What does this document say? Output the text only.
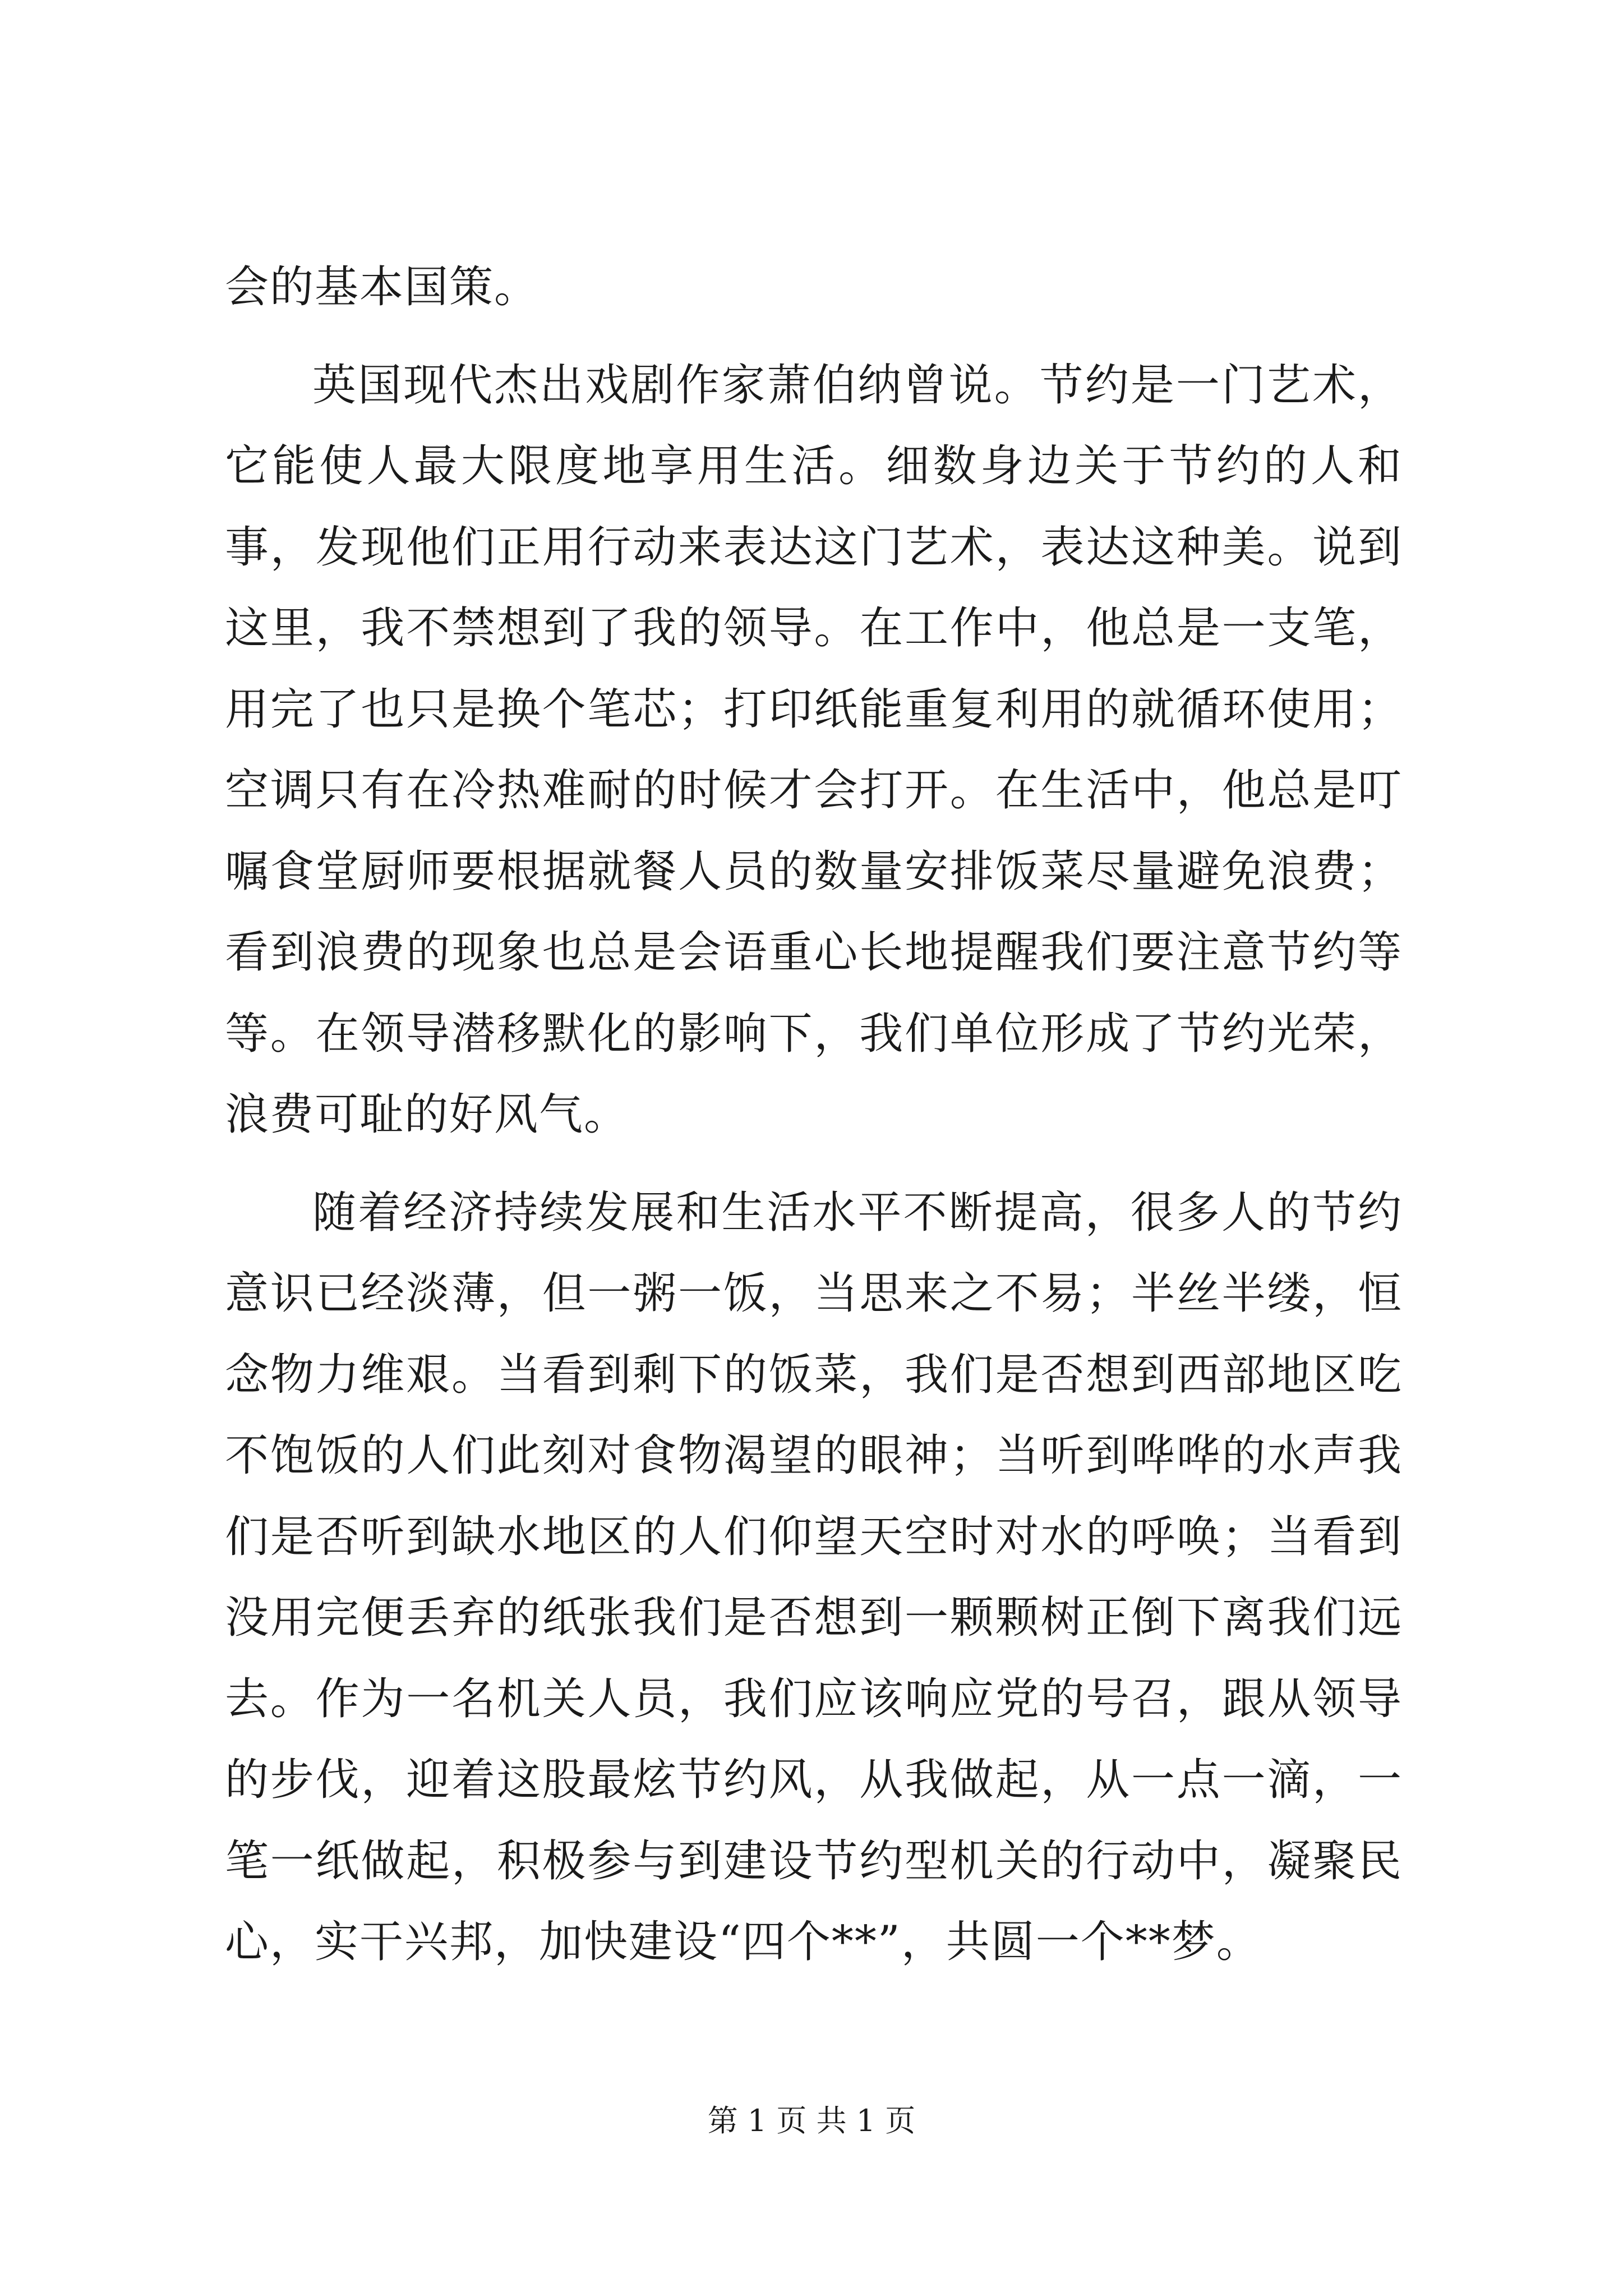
会的基本国策。

英国现代杰出戏剧作家萧伯纳曾说。节约是一门艺术，它能使人最大限度地享用生活。细数身边关于节约的人和事，发现他们正用行动来表达这门艺术，表达这种美。说到这里，我不禁想到了我的领导。在工作中，他总是一支笔，用完了也只是换个笔芯；打印纸能重复利用的就循环使用；空调只有在冷热难耐的时候才会打开。在生活中，他总是叮嘱食堂厨师要根据就餐人员的数量安排饭菜尽量避免浪费；看到浪费的现象也总是会语重心长地提醒我们要注意节约等等。在领导潜移默化的影响下，我们单位形成了节约光荣，浪费可耻的好风气。

随着经济持续发展和生活水平不断提高，很多人的节约意识已经淡薄，但一粥一饭，当思来之不易；半丝半缕，恒念物力维艰。当看到剩下的饭菜，我们是否想到西部地区吃不饱饭的人们此刻对食物渴望的眼神；当听到哗哗的水声我们是否听到缺水地区的人们仰望天空时对水的呼唤；当看到没用完便丢弃的纸张我们是否想到一颗颗树正倒下离我们远去。作为一名机关人员，我们应该响应党的号召，跟从领导的步伐，迎着这股最炫节约风，从我做起，从一点一滴，一笔一纸做起，积极参与到建设节约型机关的行动中，凝聚民心，实干兴邦，加快建设“四个**”，共圆一个**梦。

第 1 页 共 1 页
